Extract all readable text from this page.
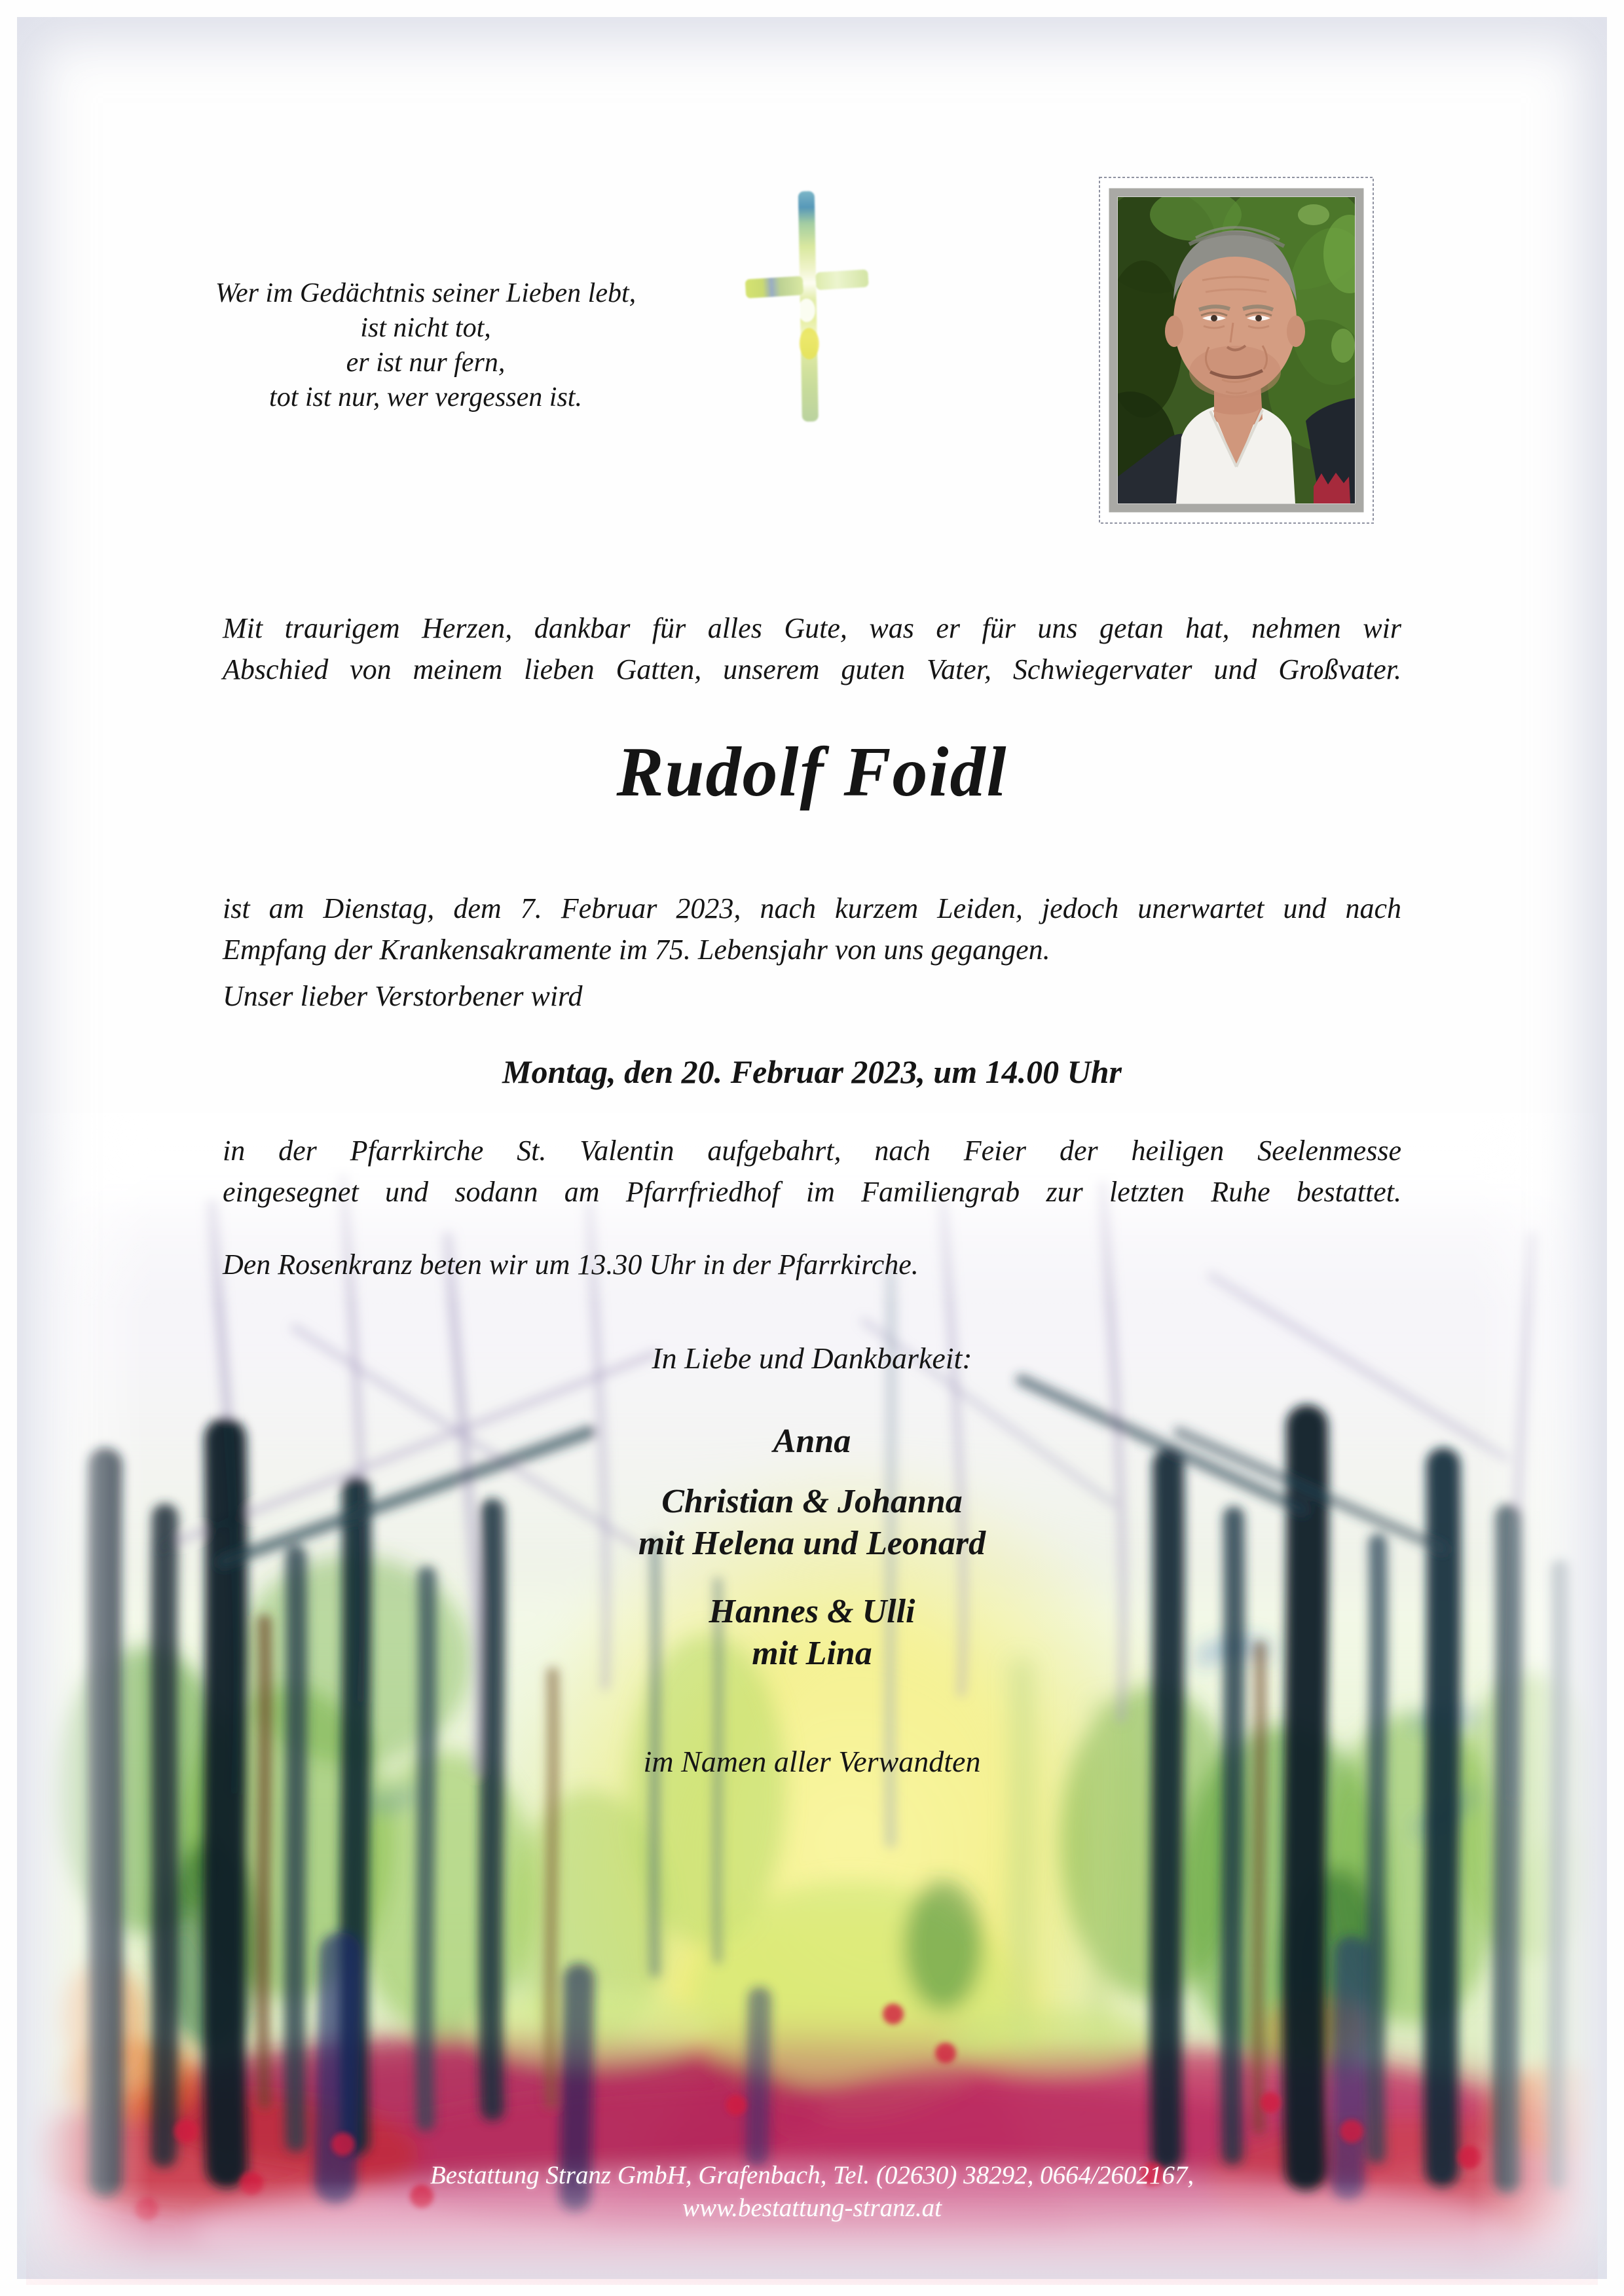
Wer im Gedächtnis seiner Lieben lebt,
ist nicht tot,
er ist nur fern,
tot ist nur, wer vergessen ist.
Mit traurigem Herzen, dankbar für alles Gute, was er für uns getan hat, nehmen wir
Abschied von meinem lieben Gatten, unserem guten Vater, Schwiegervater und Großvater.
Rudolf Foidl
ist am Dienstag, dem 7. Februar 2023, nach kurzem Leiden, jedoch unerwartet und nach
Empfang der Krankensakramente im 75. Lebensjahr von uns gegangen.
Unser lieber Verstorbener wird
Montag, den 20. Februar 2023, um 14.00 Uhr
in der Pfarrkirche St. Valentin aufgebahrt, nach Feier der heiligen Seelenmesse
eingesegnet und sodann am Pfarrfriedhof im Familiengrab zur letzten Ruhe bestattet.
Den Rosenkranz beten wir um 13.30 Uhr in der Pfarrkirche.
In Liebe und Dankbarkeit:
Anna
Christian & Johanna
mit Helena und Leonard
Hannes & Ulli
mit Lina
im Namen aller Verwandten
Bestattung Stranz GmbH, Grafenbach, Tel. (02630) 38292, 0664/2602167,
www.bestattung-stranz.at
